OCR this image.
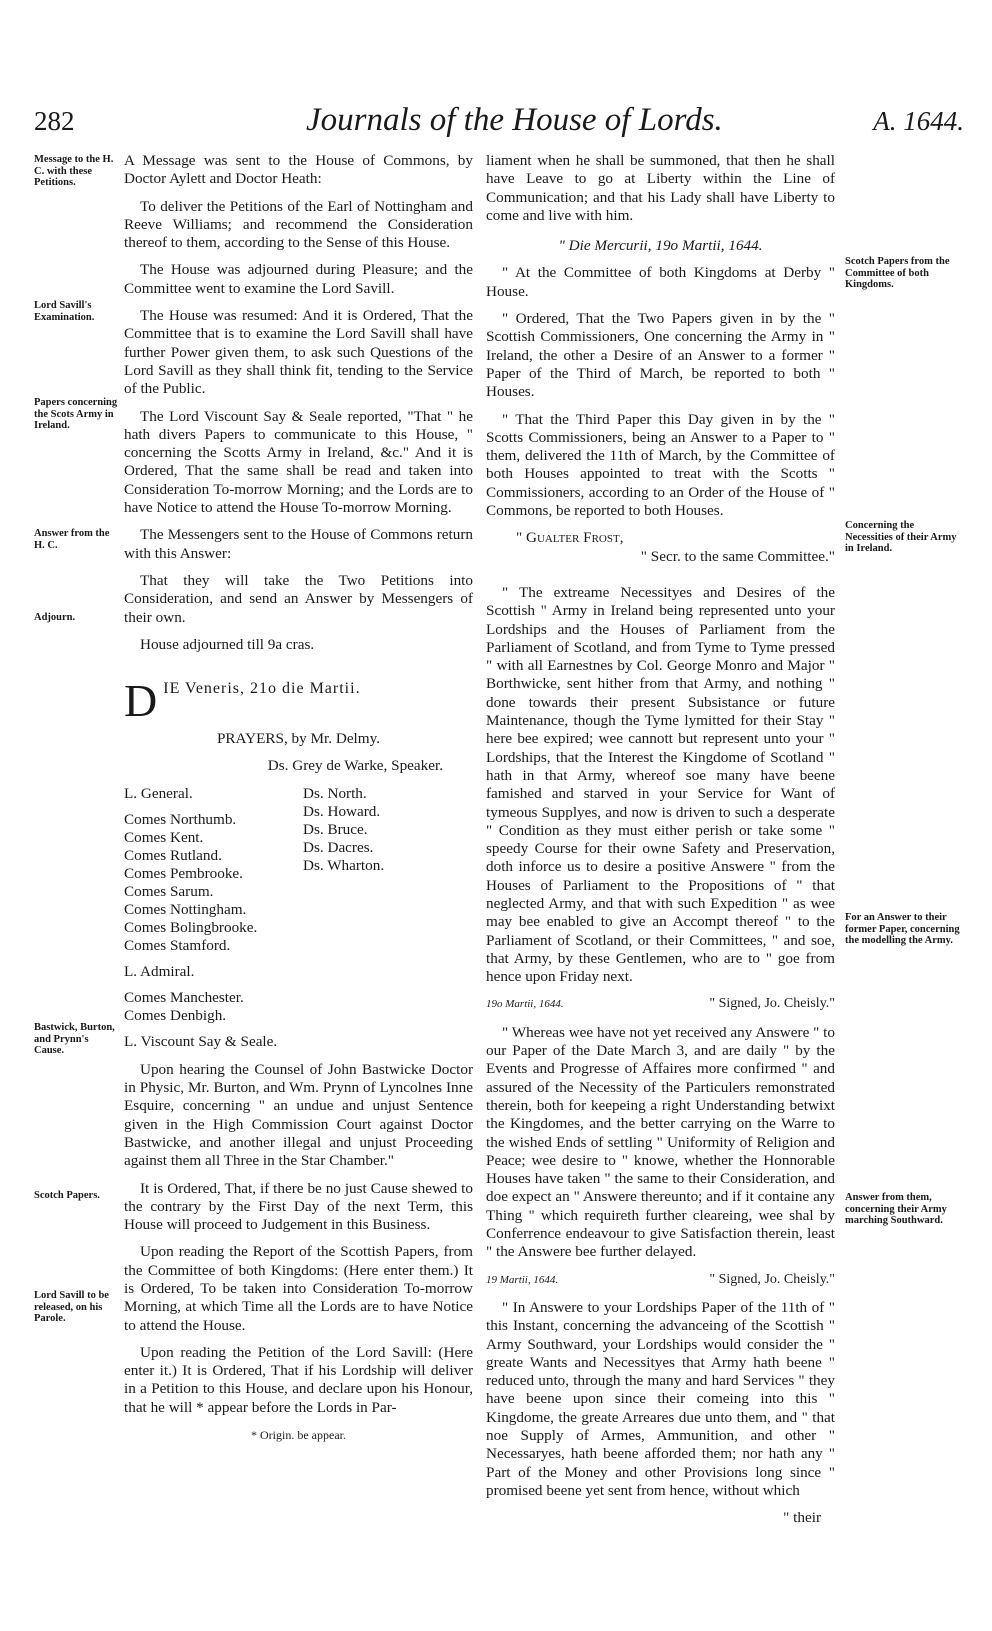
282	Journals of the House of Lords.	A. 1644.
Message to the H. C. with these Petitions.
Lord Savill's Examination.
Papers concerning the Scots Army in Ireland.
Answer from the H. C.
Adjourn.
Bastwick, Burton, and Prynn's Cause.
Scotch Papers.
Lord Savill to be released, on his Parole.
Scotch Papers from the Committee of both Kingdoms.
Concerning the Necessities of their Army in Ireland.
For an Answer to their former Paper, concerning the modelling the Army.
Answer from them, concerning their Army marching Southward.

A Message was sent to the House of Commons, by Doctor Aylett and Doctor Heath:

To deliver the Petitions of the Earl of Nottingham and Reeve Williams; and recommend the Consideration thereof to them, according to the Sense of this House.

The House was adjourned during Pleasure; and the Committee went to examine the Lord Savill.

The House was resumed: And it is Ordered, That the Committee that is to examine the Lord Savill shall have further Power given them, to ask such Questions of the Lord Savill as they shall think fit, tending to the Service of the Public.

The Lord Viscount Say & Seale reported, "That " he hath divers Papers to communicate to this House, " concerning the Scotts Army in Ireland, &c." And it is Ordered, That the same shall be read and taken into Consideration To-morrow Morning; and the Lords are to have Notice to attend the House To-morrow Morning.

The Messengers sent to the House of Commons return with this Answer:

That they will take the Two Petitions into Consideration, and send an Answer by Messengers of their own.

House adjourned till 9a cras.

D IE Veneris, 21o die Martii.

PRAYERS, by Mr. Delmy.

Ds. Grey de Warke, Speaker.

L. General.
Comes Northumb.
Comes Kent.
Comes Rutland.
Comes Pembrooke.
Comes Sarum.
Comes Nottingham.
Comes Bolingbrooke.
Comes Stamford.
L. Admiral.
Comes Manchester.
Comes Denbigh.
L. Viscount Say & Seale.
Ds. North.
Ds. Howard.
Ds. Bruce.
Ds. Dacres.
Ds. Wharton.

Upon hearing the Counsel of John Bastwicke Doctor in Physic, Mr. Burton, and Wm. Prynn of Lyncolnes Inne Esquire, concerning " an undue and unjust Sentence given in the High Commission Court against Doctor Bastwicke, and another illegal and unjust Proceeding against them all Three in the Star Chamber."

It is Ordered, That, if there be no just Cause shewed to the contrary by the First Day of the next Term, this House will proceed to Judgement in this Business.

Upon reading the Report of the Scottish Papers, from the Committee of both Kingdoms: (Here enter them.) It is Ordered, To be taken into Consideration To-morrow Morning, at which Time all the Lords are to have Notice to attend the House.

Upon reading the Petition of the Lord Savill: (Here enter it.) It is Ordered, That if his Lordship will deliver in a Petition to this House, and declare upon his Honour, that he will * appear before the Lords in Par-

* Origin. be appear.

liament when he shall be summoned, that then he shall have Leave to go at Liberty within the Line of Communication; and that his Lady shall have Liberty to come and live with him.

" Die Mercurii, 19o Martii, 1644.

" At the Committee of both Kingdoms at Derby " House.

" Ordered, That the Two Papers given in by the " Scottish Commissioners, One concerning the Army in " Ireland, the other a Desire of an Answer to a former " Paper of the Third of March, be reported to both " Houses.

" That the Third Paper this Day given in by the " Scotts Commissioners, being an Answer to a Paper to " them, delivered the 11th of March, by the Committee of both Houses appointed to treat with the Scotts " Commissioners, according to an Order of the House of " Commons, be reported to both Houses.

" Gualter Frost,

" Secr. to the same Committee."

" The extreame Necessityes and Desires of the Scottish " Army in Ireland being represented unto your Lordships and the Houses of Parliament from the Parliament of Scotland, and from Tyme to Tyme pressed " with all Earnestnes by Col. George Monro and Major " Borthwicke, sent hither from that Army, and nothing " done towards their present Subsistance or future Maintenance, though the Tyme lymitted for their Stay " here bee expired; wee cannott but represent unto your " Lordships, that the Interest the Kingdome of Scotland " hath in that Army, whereof soe many have beene famished and starved in your Service for Want of tymeous Supplyes, and now is driven to such a desperate " Condition as they must either perish or take some " speedy Course for their owne Safety and Preservation, doth inforce us to desire a positive Answere " from the Houses of Parliament to the Propositions of " that neglected Army, and that with such Expedition " as wee may bee enabled to give an Accompt thereof " to the Parliament of Scotland, or their Committees, " and soe, that Army, by these Gentlemen, who are to " goe from hence upon Friday next.

19o Martii, 1644.	" Signed, Jo. Cheisly."

" Whereas wee have not yet received any Answere " to our Paper of the Date March 3, and are daily " by the Events and Progresse of Affaires more confirmed " and assured of the Necessity of the Particulers remonstrated therein, both for keepeing a right Understanding betwixt the Kingdomes, and the better carrying on the Warre to the wished Ends of settling " Uniformity of Religion and Peace; wee desire to " knowe, whether the Honnorable Houses have taken " the same to their Consideration, and doe expect an " Answere thereunto; and if it containe any Thing " which requireth further cleareing, wee shal by Conferrence endeavour to give Satisfaction therein, least " the Answere bee further delayed.

19 Martii, 1644.	" Signed, Jo. Cheisly."

" In Answere to your Lordships Paper of the 11th of " this Instant, concerning the advanceing of the Scottish " Army Southward, your Lordships would consider the " greate Wants and Necessityes that Army hath beene " reduced unto, through the many and hard Services " they have beene upon since their comeing into this " Kingdome, the greate Arreares due unto them, and " that noe Supply of Armes, Ammunition, and other " Necessaryes, hath beene afforded them; nor hath any " Part of the Money and other Provisions long since " promised beene yet sent from hence, without which

" their
